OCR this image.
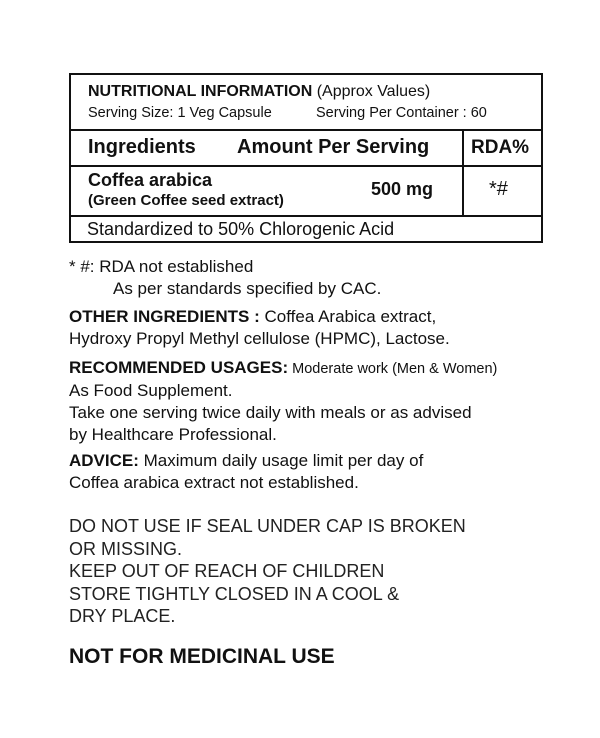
NUTRITIONAL INFORMATION (Approx Values)
Serving Size: 1 Veg Capsule	Serving Per Container : 60
Ingredients Amount Per Serving RDA%
Coffea arabica
(Green Coffee seed extract)
500 mg	*#
Standardized to 50% Chlorogenic Acid
* #: RDA not established
As per standards specified by CAC.
OTHER INGREDIENTS : Coffea Arabica extract,
Hydroxy Propyl Methyl cellulose (HPMC), Lactose.
RECOMMENDED USAGES: Moderate work (Men & Women)
As Food Supplement.
Take one serving twice daily with meals or as advised
by Healthcare Professional.
ADVICE: Maximum daily usage limit per day of
Coffea arabica extract not established.
DO NOT USE IF SEAL UNDER CAP IS BROKEN
OR MISSING.
KEEP OUT OF REACH OF CHILDREN
STORE TIGHTLY CLOSED IN A COOL &
DRY PLACE.
NOT FOR MEDICINAL USE
